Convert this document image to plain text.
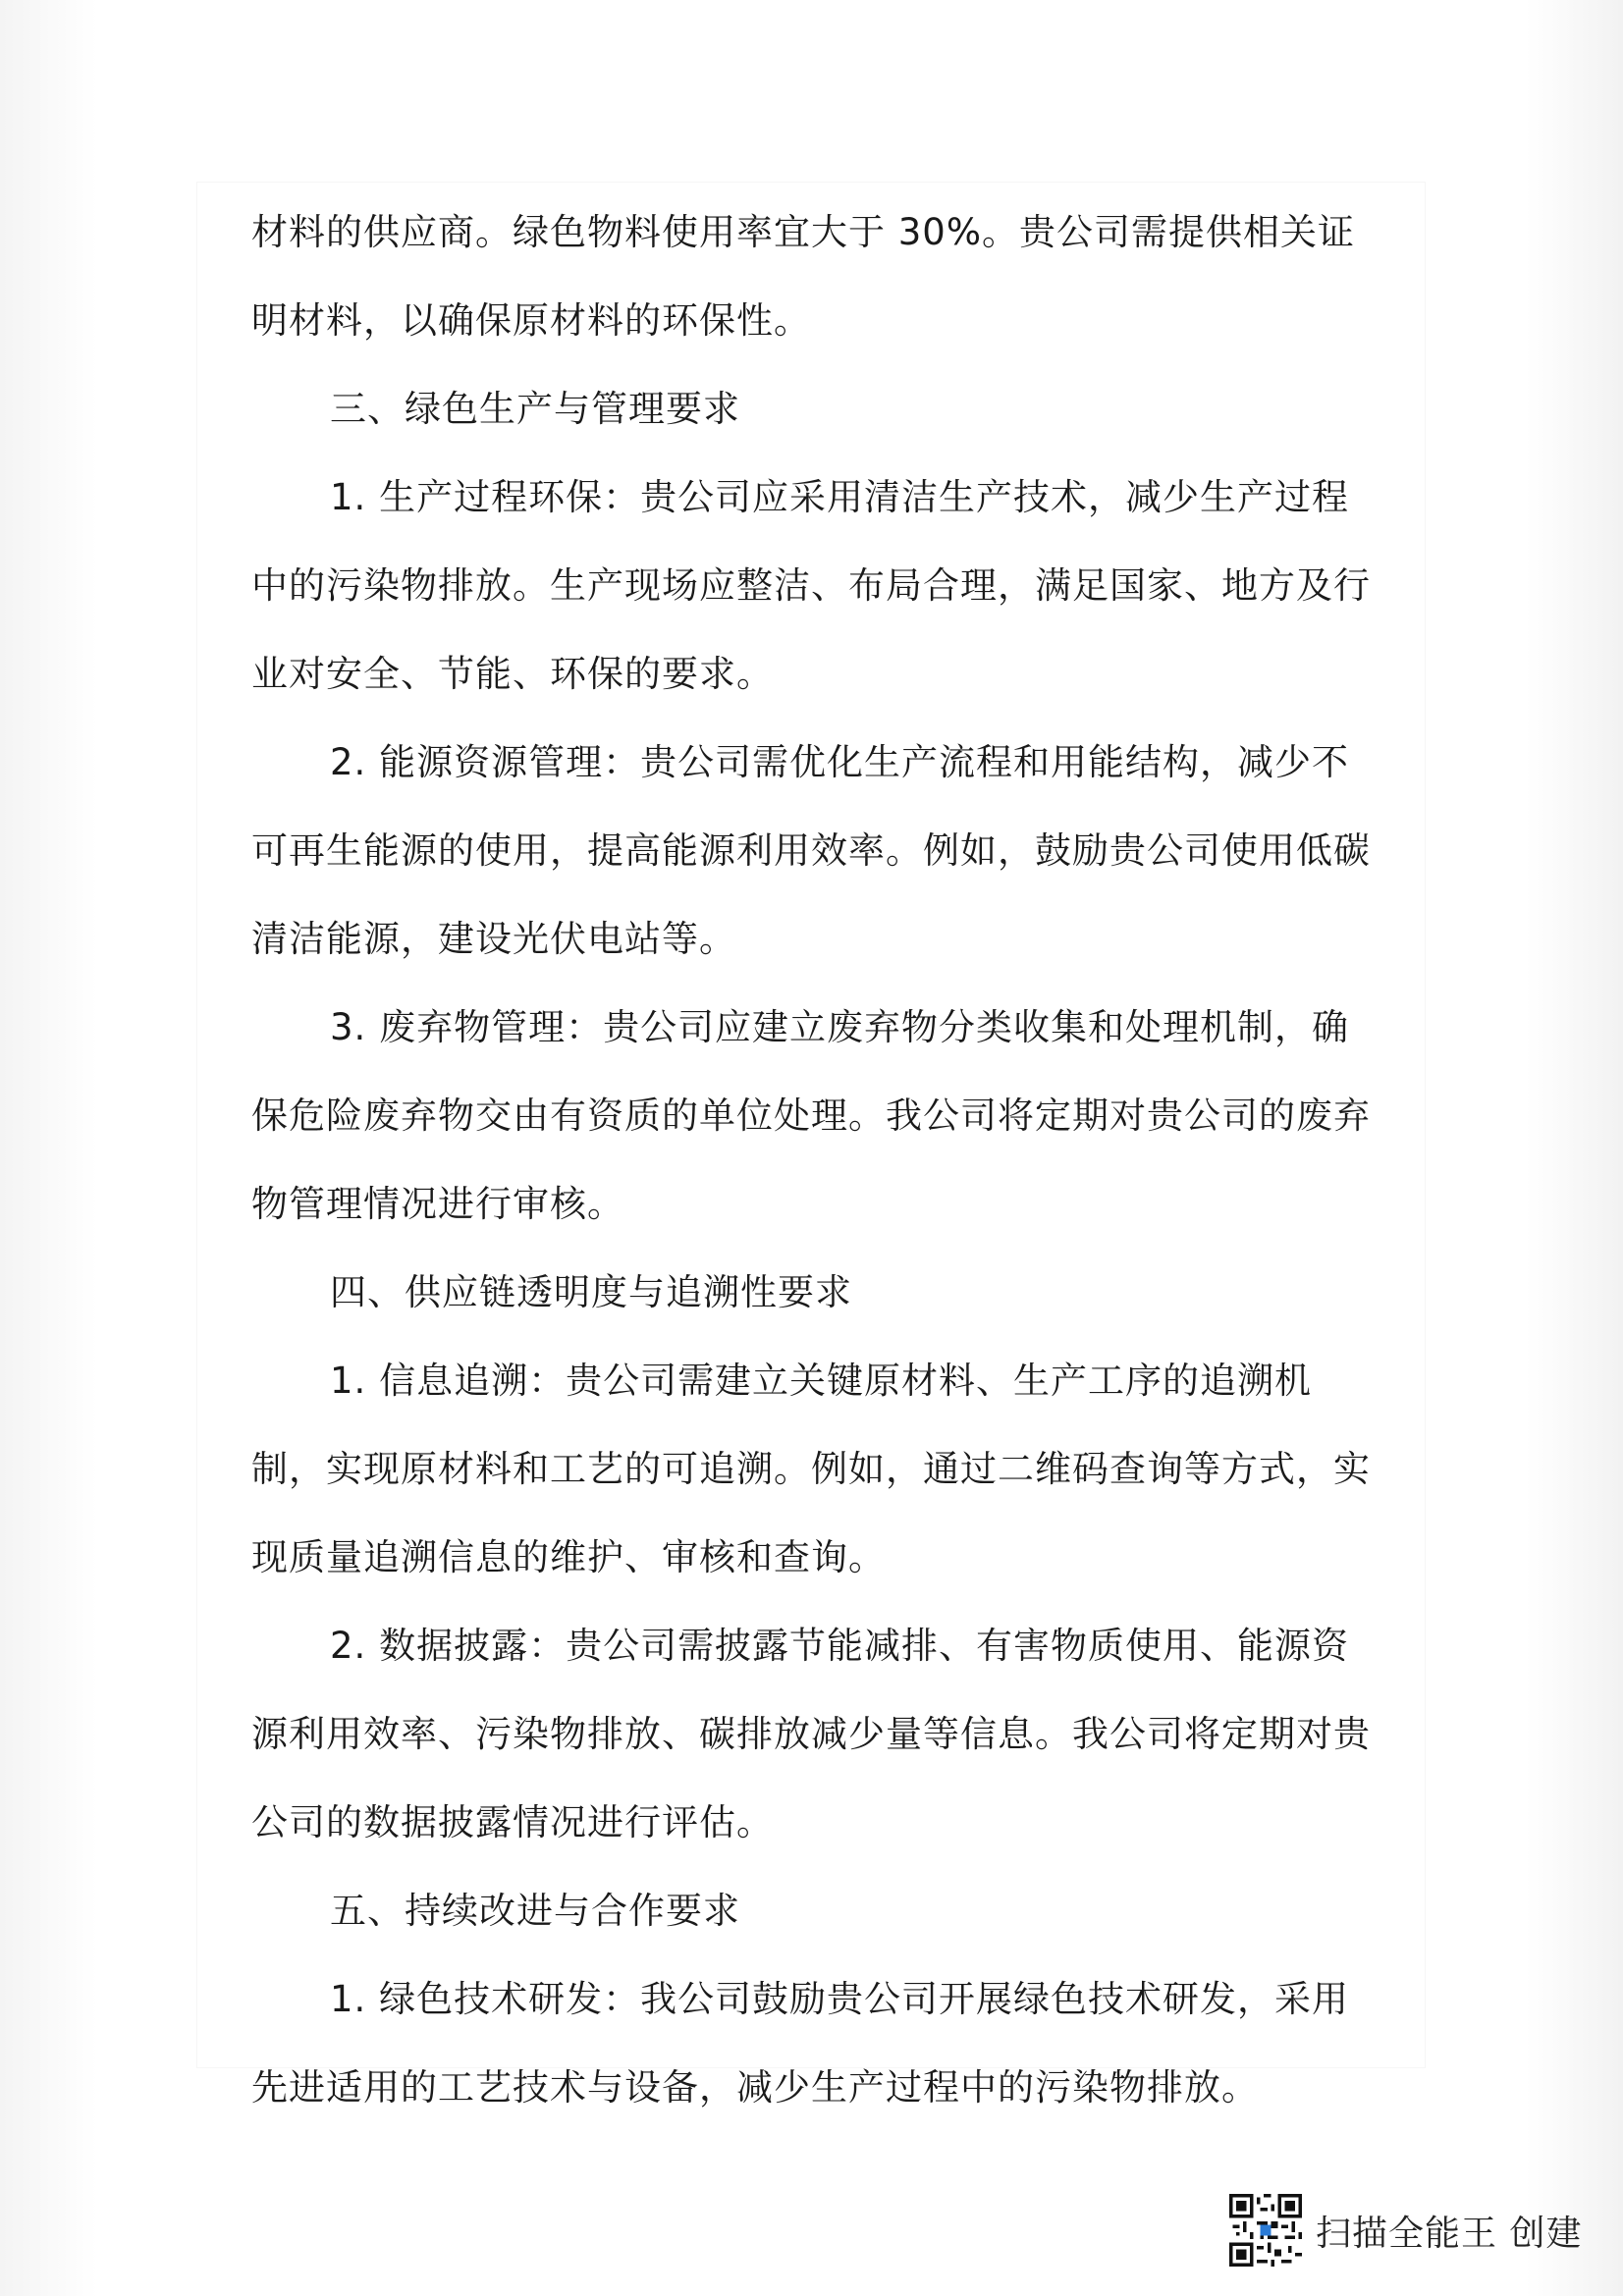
材料的供应商。绿色物料使用率宜大于 30%。贵公司需提供相关证明材料，以确保原材料的环保性。

三、绿色生产与管理要求

1. 生产过程环保：贵公司应采用清洁生产技术，减少生产过程中的污染物排放。生产现场应整洁、布局合理，满足国家、地方及行业对安全、节能、环保的要求。

2. 能源资源管理：贵公司需优化生产流程和用能结构，减少不可再生能源的使用，提高能源利用效率。例如，鼓励贵公司使用低碳清洁能源，建设光伏电站等。

3. 废弃物管理：贵公司应建立废弃物分类收集和处理机制，确保危险废弃物交由有资质的单位处理。我公司将定期对贵公司的废弃物管理情况进行审核。

四、供应链透明度与追溯性要求

1. 信息追溯：贵公司需建立关键原材料、生产工序的追溯机制，实现原材料和工艺的可追溯。例如，通过二维码查询等方式，实现质量追溯信息的维护、审核和查询。

2. 数据披露：贵公司需披露节能减排、有害物质使用、能源资源利用效率、污染物排放、碳排放减少量等信息。我公司将定期对贵公司的数据披露情况进行评估。

五、持续改进与合作要求

1. 绿色技术研发：我公司鼓励贵公司开展绿色技术研发，采用先进适用的工艺技术与设备，减少生产过程中的污染物排放。

扫描全能王 创建
